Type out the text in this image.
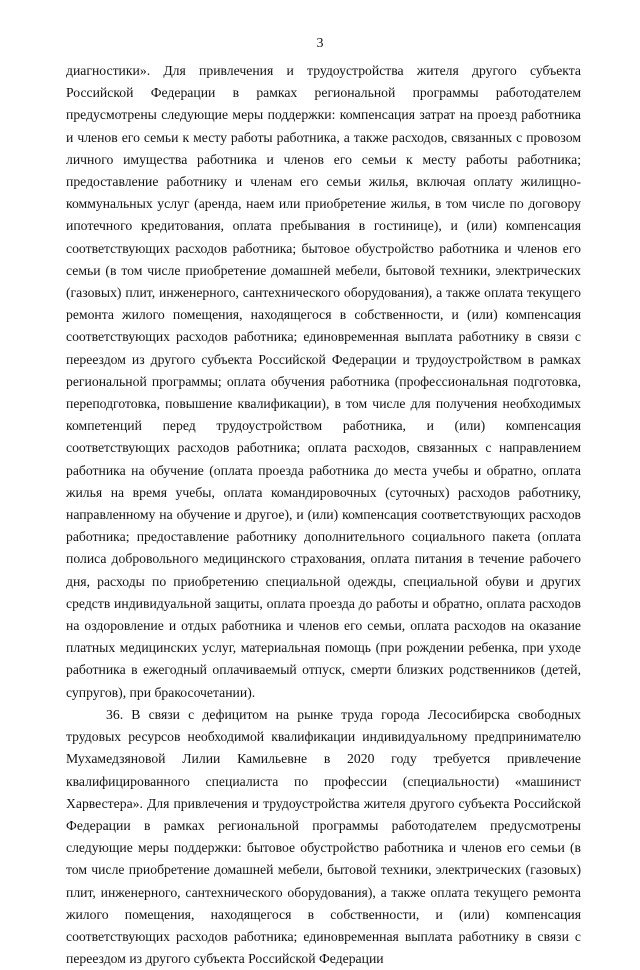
3

диагностики». Для привлечения и трудоустройства жителя другого субъекта Российской Федерации в рамках региональной программы работодателем предусмотрены следующие меры поддержки: компенсация затрат на проезд работника и членов его семьи к месту работы работника, а также расходов, связанных с провозом личного имущества работника и членов его семьи к месту работы работника; предоставление работнику и членам его семьи жилья, включая оплату жилищно-коммунальных услуг (аренда, наем или приобретение жилья, в том числе по договору ипотечного кредитования, оплата пребывания в гостинице), и (или) компенсация соответствующих расходов работника; бытовое обустройство работника и членов его семьи (в том числе приобретение домашней мебели, бытовой техники, электрических (газовых) плит, инженерного, сантехнического оборудования), а также оплата текущего ремонта жилого помещения, находящегося в собственности, и (или) компенсация соответствующих расходов работника; единовременная выплата работнику в связи с переездом из другого субъекта Российской Федерации и трудоустройством в рамках региональной программы; оплата обучения работника (профессиональная подготовка, переподготовка, повышение квалификации), в том числе для получения необходимых компетенций перед трудоустройством работника, и (или) компенсация соответствующих расходов работника; оплата расходов, связанных с направлением работника на обучение (оплата проезда работника до места учебы и обратно, оплата жилья на время учебы, оплата командировочных (суточных) расходов работнику, направленному на обучение и другое), и (или) компенсация соответствующих расходов работника; предоставление работнику дополнительного социального пакета (оплата полиса добровольного медицинского страхования, оплата питания в течение рабочего дня, расходы по приобретению специальной одежды, специальной обуви и других средств индивидуальной защиты, оплата проезда до работы и обратно, оплата расходов на оздоровление и отдых работника и членов его семьи, оплата расходов на оказание платных медицинских услуг, материальная помощь (при рождении ребенка, при уходе работника в ежегодный оплачиваемый отпуск, смерти близких родственников (детей, супругов), при бракосочетании).

36. В связи с дефицитом на рынке труда города Лесосибирска свободных трудовых ресурсов необходимой квалификации индивидуальному предпринимателю Мухамедзяновой Лилии Камильевне в 2020 году требуется привлечение квалифицированного специалиста по профессии (специальности) «машинист Харвестера». Для привлечения и трудоустройства жителя другого субъекта Российской Федерации в рамках региональной программы работодателем предусмотрены следующие меры поддержки: бытовое обустройство работника и членов его семьи (в том числе приобретение домашней мебели, бытовой техники, электрических (газовых) плит, инженерного, сантехнического оборудования), а также оплата текущего ремонта жилого помещения, находящегося в собственности, и (или) компенсация соответствующих расходов работника; единовременная выплата работнику в связи с переездом из другого субъекта Российской Федерации
